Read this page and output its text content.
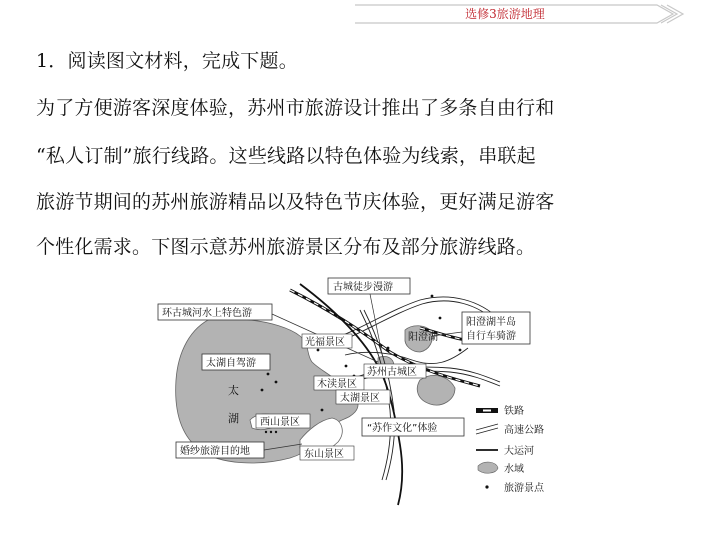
选修3旅游地理
1．阅读图文材料，完成下题。
为了方便游客深度体验，苏州市旅游设计推出了多条自由行和
“私人订制”旅行线路。这些线路以特色体验为线索，串联起
旅游节期间的苏州旅游精品以及特色节庆体验，更好满足游客
个性化需求。下图示意苏州旅游景区分布及部分旅游线路。
古城徒步漫游
环古城河水上特色游
阳澄湖半岛
自行车骑游
太湖自驾游
婚纱旅游目的地
“苏作文化”体验
阳澄湖
光福景区
木渎景区
苏州古城区
太湖景区
西山景区
东山景区
太
湖
铁路
高速公路
大运河
水域
旅游景点
